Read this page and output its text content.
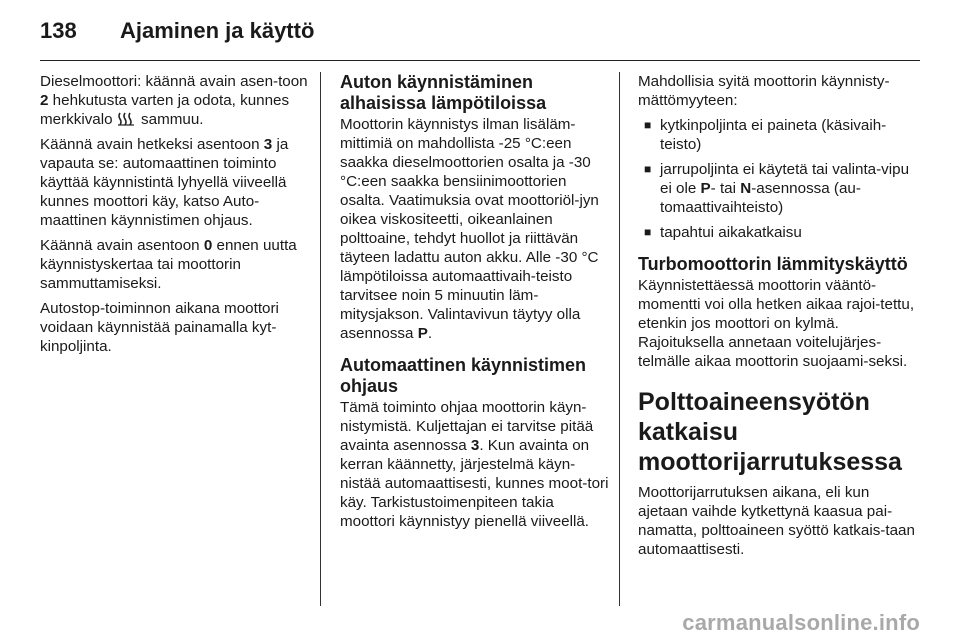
138 Ajaminen ja käyttö

Dieselmoottori: käännä avain asen-toon 2 hehkutusta varten ja odota, kunnes merkkivalo  sammuu.

Käännä avain hetkeksi asentoon 3 ja vapauta se: automaattinen toiminto käyttää käynnistintä lyhyellä viiveellä kunnes moottori käy, katso Auto-maattinen käynnistimen ohjaus.

Käännä avain asentoon 0 ennen uutta käynnistyskertaa tai moottorin sammuttamiseksi.

Autostop-toiminnon aikana moottori voidaan käynnistää painamalla kyt-kinpoljinta.

Auton käynnistäminen alhaisissa lämpötiloissa

Moottorin käynnistys ilman lisäläm-mittimiä on mahdollista -25 °C:een saakka dieselmoottorien osalta ja -30 °C:een saakka bensiinimoottorien osalta. Vaatimuksia ovat moottoriöl-jyn oikea viskositeetti, oikeanlainen polttoaine, tehdyt huollot ja riittävän täyteen ladattu auton akku. Alle -30 °C lämpötiloissa automaattivaih-teisto tarvitsee noin 5 minuutin läm-mitysjakson. Valintavivun täytyy olla asennossa P.

Automaattinen käynnistimen ohjaus

Tämä toiminto ohjaa moottorin käyn-nistymistä. Kuljettajan ei tarvitse pitää avainta asennossa 3. Kun avainta on kerran käännetty, järjestelmä käyn-nistää automaattisesti, kunnes moot-tori käy. Tarkistustoimenpiteen takia moottori käynnistyy pienellä viiveellä.

Mahdollisia syitä moottorin käynnisty-mättömyyteen:

■ kytkinpoljinta ei paineta (käsivaih-teisto)
■ jarrupoljinta ei käytetä tai valinta-vipu ei ole P- tai N-asennossa (au-tomaattivaihteisto)
■ tapahtui aikakatkaisu
Turbomoottorin lämmityskäyttö

Käynnistettäessä moottorin vääntö-momentti voi olla hetken aikaa rajoi-tettu, etenkin jos moottori on kylmä. Rajoituksella annetaan voitelujärjes-telmälle aikaa moottorin suojaami-seksi.

Polttoaineensyötön katkaisu moottorijarrutuksessa

Moottorijarrutuksen aikana, eli kun ajetaan vaihde kytkettynä kaasua pai-namatta, polttoaineen syöttö katkais-taan automaattisesti.

carmanualsonline.info
